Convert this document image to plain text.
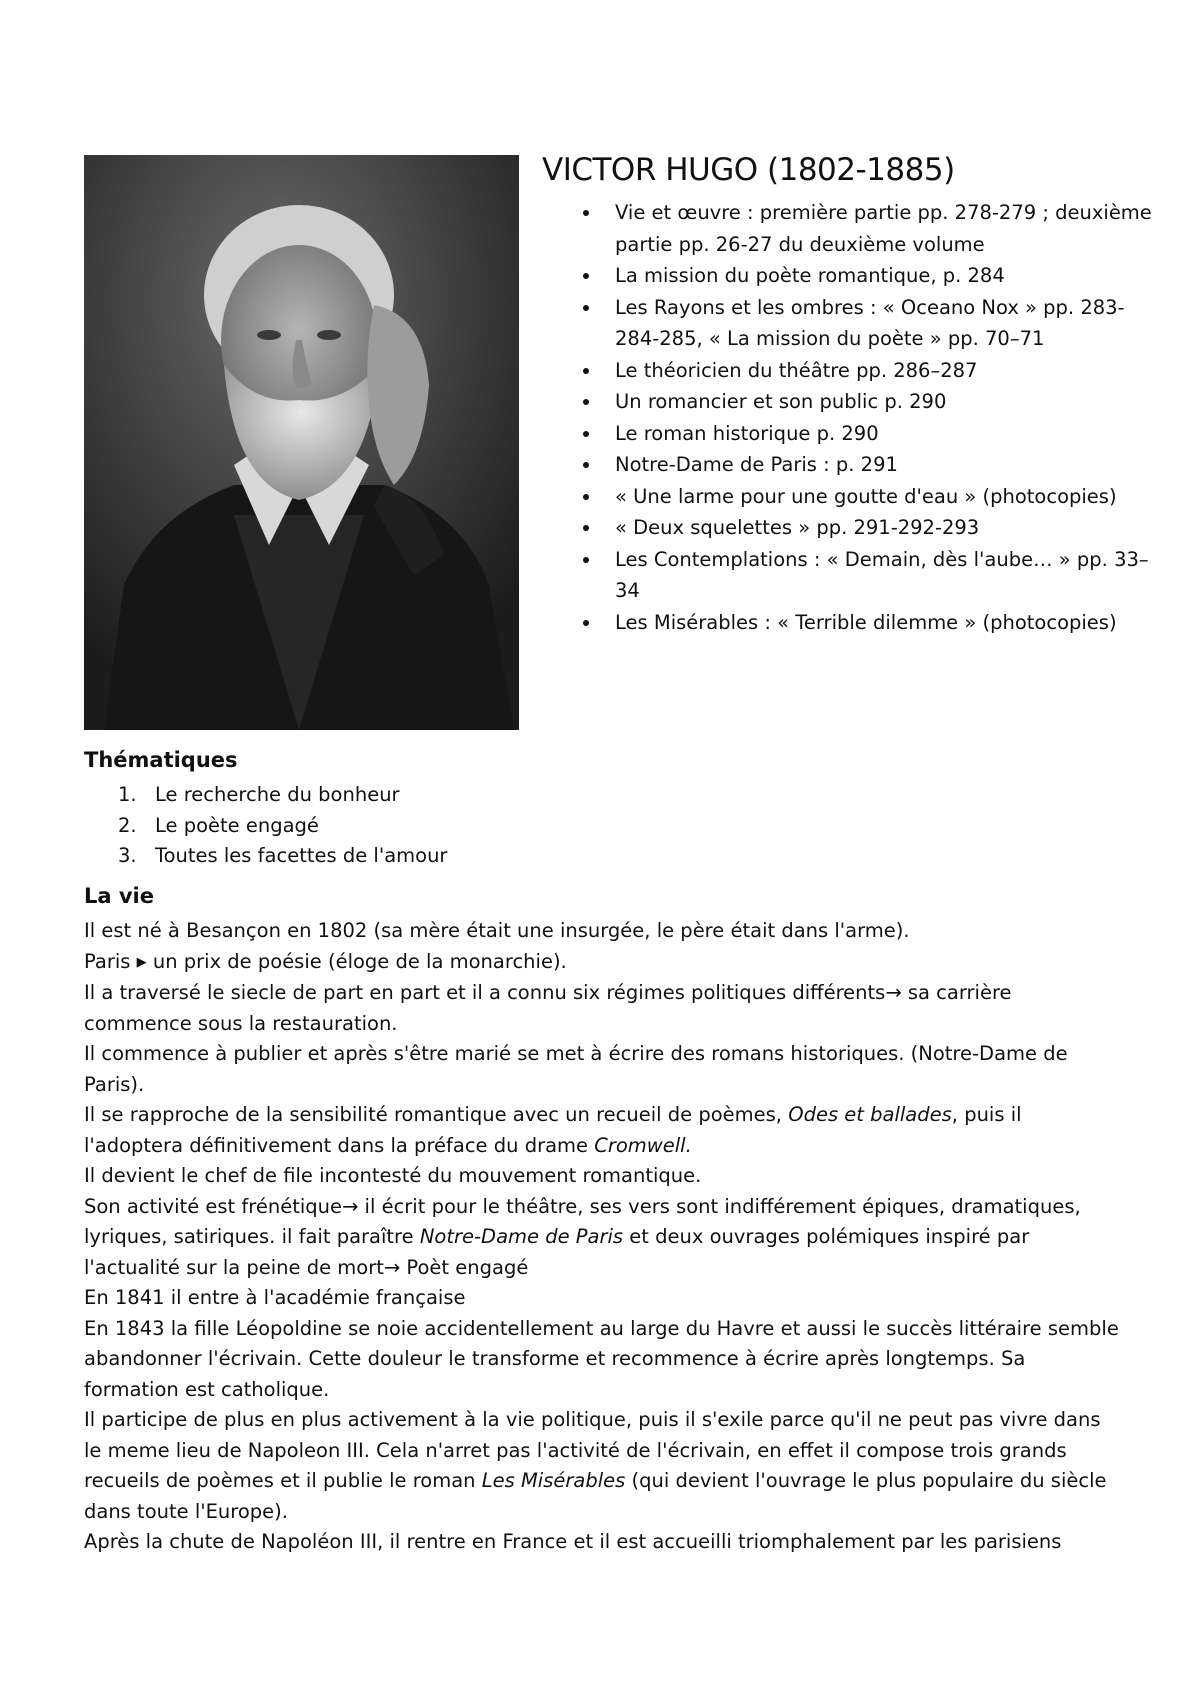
VICTOR HUGO (1802-1885)
Vie et œuvre : première partie pp. 278-279 ; deuxième partie pp. 26-27 du deuxième volume
La mission du poète romantique, p. 284
Les Rayons et les ombres : « Oceano Nox » pp. 283-284-285, « La mission du poète » pp. 70–71
Le théoricien du théâtre pp. 286–287
Un romancier et son public p. 290
Le roman historique p. 290
Notre-Dame de Paris : p. 291
« Une larme pour une goutte d'eau » (photocopies)
« Deux squelettes » pp. 291-292-293
Les Contemplations : « Demain, dès l'aube… » pp. 33–34
Les Misérables : « Terrible dilemme » (photocopies)
Thématiques
1. Le recherche du bonheur
2. Le poète engagé
3. Toutes les facettes de l'amour
La vie

Il est né à Besançon en 1802 (sa mère était une insurgée, le père était dans l'arme).

Paris ▶ un prix de poésie (éloge de la monarchie).

Il a traversé le siecle de part en part et il a connu six régimes politiques différents→ sa carrière commence sous la restauration.

Il commence à publier et après s'être marié se met à écrire des romans historiques. (Notre-Dame de Paris).

Il se rapproche de la sensibilité romantique avec un recueil de poèmes, Odes et ballades, puis il l'adoptera définitivement dans la préface du drame Cromwell.

Il devient le chef de file incontesté du mouvement romantique.

Son activité est frénétique→ il écrit pour le théâtre, ses vers sont indifférement épiques, dramatiques, lyriques, satiriques. il fait paraître Notre-Dame de Paris et deux ouvrages polémiques inspiré par l'actualité sur la peine de mort→ Poèt engagé

En 1841 il entre à l'académie française

En 1843 la fille Léopoldine se noie accidentellement au large du Havre et aussi le succès littéraire semble abandonner l'écrivain. Cette douleur le transforme et recommence à écrire après longtemps. Sa formation est catholique.

Il participe de plus en plus activement à la vie politique, puis il s'exile parce qu'il ne peut pas vivre dans le meme lieu de Napoleon III. Cela n'arret pas l'activité de l'écrivain, en effet il compose trois grands recueils de poèmes et il publie le roman Les Misérables (qui devient l'ouvrage le plus populaire du siècle dans toute l'Europe).

Après la chute de Napoléon III, il rentre en France et il est accueilli triomphalement par les parisiens
